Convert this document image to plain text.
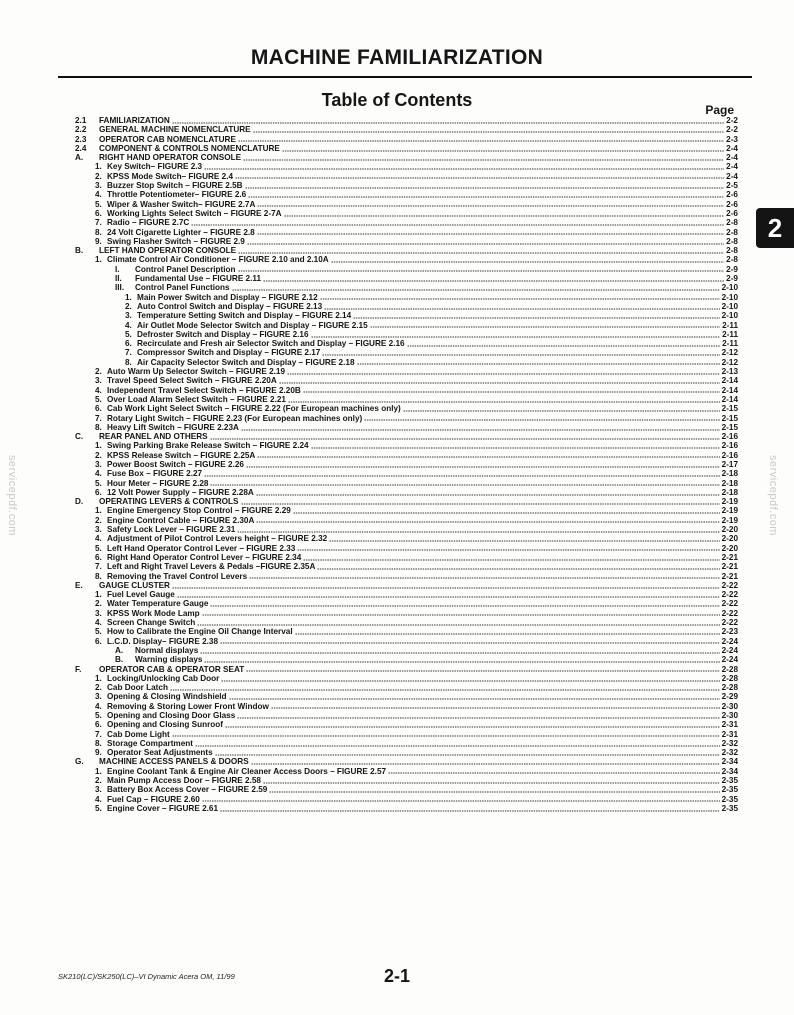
MACHINE FAMILIARIZATION
Table of Contents	Page
2.1	FAMILIARIZATION	2-2
2.2	GENERAL MACHINE NOMENCLATURE	2-2
2.3	OPERATOR CAB NOMENCLATURE	2-3
2.4	COMPONENT & CONTROLS NOMENCLATURE	2-4
A.	RIGHT HAND OPERATOR CONSOLE	2-4
1. Key Switch– FIGURE 2.3	2-4
2. KPSS Mode Switch– FIGURE 2.4	2-4
3. Buzzer Stop Switch – FIGURE 2.5B	2-5
4. Throttle Potentiometer– FIGURE 2.6	2-6
5. Wiper & Washer Switch– FIGURE 2.7A	2-6
6. Working Lights Select Switch – FIGURE 2-7A	2-6
7. Radio – FIGURE 2.7C	2-8
8. 24 Volt Cigarette Lighter – FIGURE 2.8	2-8
9. Swing Flasher Switch – FIGURE 2.9	2-8
B.	LEFT HAND OPERATOR CONSOLE	2-8
1. Climate Control Air Conditioner – FIGURE 2.10 and 2.10A	2-8
I.	Control Panel Description	2-9
II.	Fundamental Use – FIGURE 2.11	2-9
III.	Control Panel Functions	2-10
1. Main Power Switch and Display – FIGURE 2.12	2-10
2. Auto Control Switch and Display – FIGURE 2.13	2-10
3. Temperature Setting Switch and Display – FIGURE 2.14	2-10
4. Air Outlet Mode Selector Switch and Display – FIGURE 2.15	2-11
5. Defroster Switch and Display – FIGURE 2.16	2-11
6. Recirculate and Fresh air Selector Switch and Display – FIGURE 2.16	2-11
7. Compressor Switch and Display – FIGURE 2.17	2-12
8. Air Capacity Selector Switch and Display – FIGURE 2.18	2-12
2. Auto Warm Up Selector Switch – FIGURE 2.19	2-13
3. Travel Speed Select Switch – FIGURE 2.20A	2-14
4. Independent Travel Select Switch – FIGURE 2.20B	2-14
5. Over Load Alarm Select Switch – FIGURE 2.21	2-14
6. Cab Work Light Select Switch – FIGURE 2.22 (For European machines only)	2-15
7. Rotary Light Switch – FIGURE 2.23 (For European machines only)	2-15
8. Heavy Lift Switch – FIGURE 2.23A	2-15
C.	REAR PANEL AND OTHERS	2-16
1. Swing Parking Brake Release Switch – FIGURE 2.24	2-16
2. KPSS Release Switch – FIGURE 2.25A	2-16
3. Power Boost Switch – FIGURE 2.26	2-17
4. Fuse Box – FIGURE 2.27	2-18
5. Hour Meter – FIGURE 2.28	2-18
6. 12 Volt Power Supply – FIGURE 2.28A	2-18
D.	OPERATING LEVERS & CONTROLS	2-19
1. Engine Emergency Stop Control – FIGURE 2.29	2-19
2. Engine Control Cable – FIGURE 2.30A	2-19
3. Safety Lock Lever – FIGURE 2.31	2-20
4. Adjustment of Pilot Control Levers height – FIGURE 2.32	2-20
5. Left Hand Operator Control Lever – FIGURE 2.33	2-20
6. Right Hand Operator Control Lever – FIGURE 2.34	2-21
7. Left and Right Travel Levers & Pedals –FIGURE 2.35A	2-21
8. Removing the Travel Control Levers	2-21
E.	GAUGE CLUSTER	2-22
1. Fuel Level Gauge	2-22
2. Water Temperature Gauge	2-22
3. KPSS Work Mode Lamp	2-22
4. Screen Change Switch	2-22
5. How to Calibrate the Engine Oil Change Interval	2-23
6. L.C.D. Display– FIGURE 2.38	2-24
A.	Normal displays	2-24
B.	Warning displays	2-24
F.	OPERATOR CAB & OPERATOR SEAT	2-28
1. Locking/Unlocking Cab Door	2-28
2. Cab Door Latch	2-28
3. Opening & Closing Windshield	2-29
4. Removing & Storing Lower Front Window	2-30
5. Opening and Closing Door Glass	2-30
6. Opening and Closing Sunroof	2-31
7. Cab Dome Light	2-31
8. Storage Compartment	2-32
9. Operator Seat Adjustments	2-32
G.	MACHINE ACCESS PANELS & DOORS	2-34
1. Engine Coolant Tank & Engine Air Cleaner Access Doors – FIGURE 2.57	2-34
2. Main Pump Access Door – FIGURE 2.58	2-35
3. Battery Box Access Cover – FIGURE 2.59	2-35
4. Fuel Cap – FIGURE 2.60	2-35
5. Engine Cover – FIGURE 2.61	2-35
2
servicepdf.com	servicepdf.com
SK210(LC)/SK250(LC)–VI Dynamic Acera OM, 11/99	2-1
